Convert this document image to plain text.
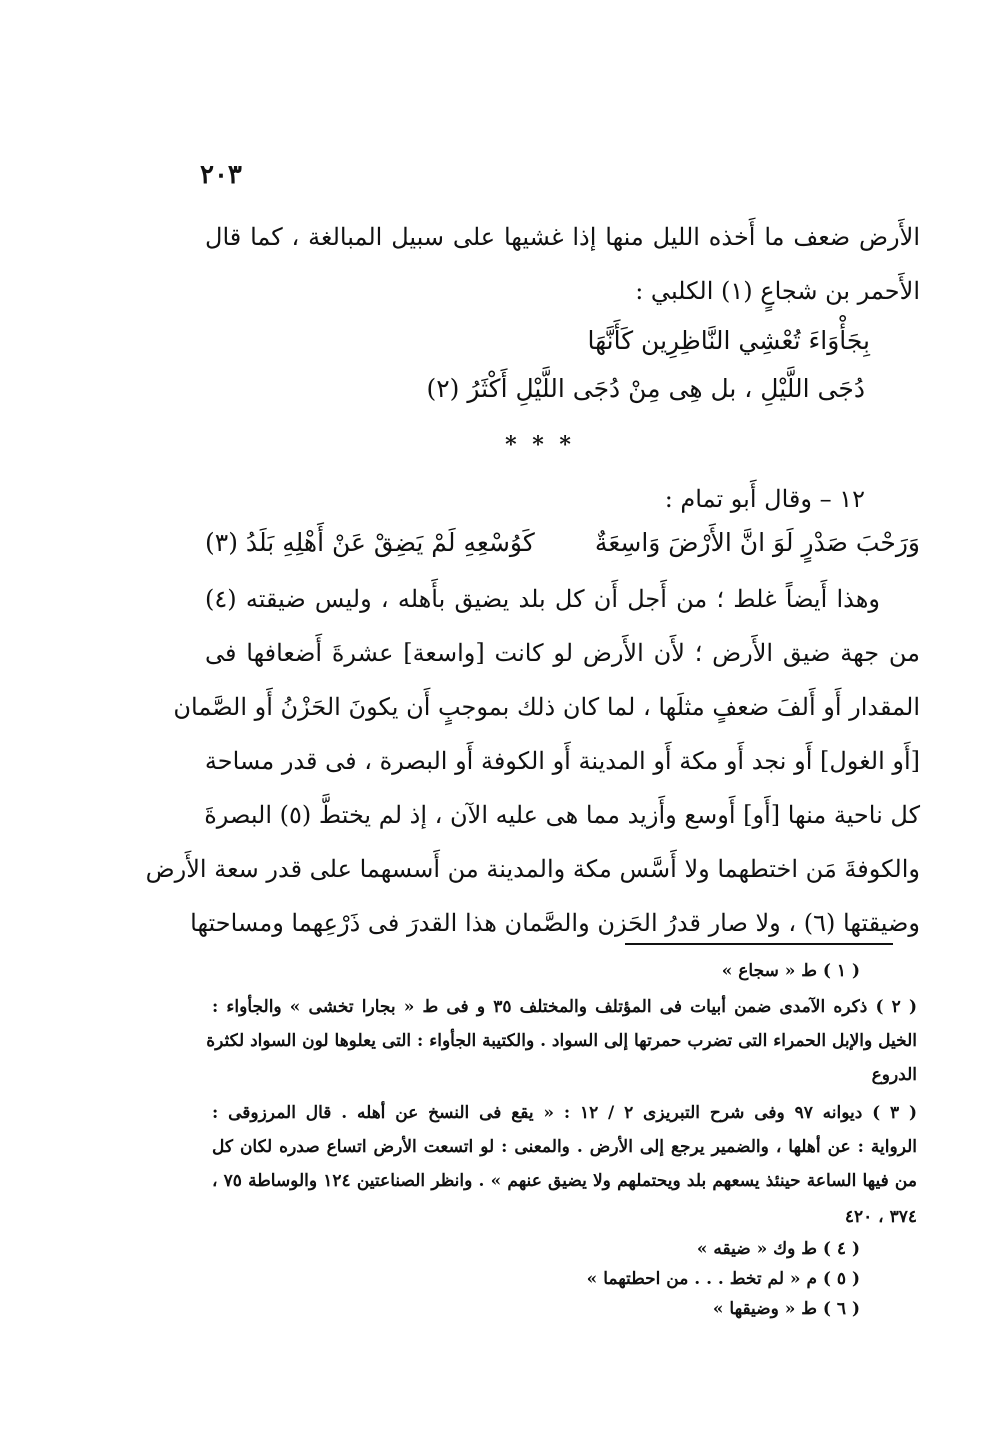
٢٠٣
الأَرض ضعف ما أَخذه الليل منها إذا غشيها على سبيل المبالغة ، كما قال
الأَحمر بن شجاعٍ (١) الكلبي :
بِجَأْوَاءَ تُعْشِي النَّاظِرِين كَأَنَّهَا
دُجَى اللَّيْلِ ، بل هِى مِنْ دُجَى اللَّيْلِ أَكْثَرُ (٢)
١٢ – وقال أَبو تمام :
وَرَحْبَ صَدْرٍ لَوَ انَّ الأَرْضَ وَاسِعَةٌ
كَوُسْعِهِ لَمْ يَضِقْ عَنْ أَهْلِهِ بَلَدُ (٣)
وهذا أَيضاً غلط ؛ من أَجل أَن كل بلد يضيق بأَهله ، وليس ضيقته (٤)
من جهة ضيق الأَرض ؛ لأَن الأَرض لو كانت [واسعة] عشرةَ أَضعافها فى
المقدار أَو أَلفَ ضعفٍ مثلَها ، لما كان ذلك بموجبٍ أَن يكونَ الحَزْنُ أَو الصَّمان
[أَو الغول] أَو نجد أَو مكة أَو المدينة أَو الكوفة أَو البصرة ، فى قدر مساحة
كل ناحية منها [أَو] أَوسع وأَزيد مما هى عليه الآن ، إذ لم يختطَّ (٥) البصرةَ
والكوفةَ مَن اختطهما ولا أَسَّس مكة والمدينة من أَسسهما على قدر سعة الأَرض
وضيقتها (٦) ، ولا صار قدرُ الحَزن والصَّمان هذا القدرَ فى ذَرْعِهما ومساحتها
* * *
( ١ ) ط « سجاع »
( ٢ ) ذكره الآمدى ضمن أبيات فى المؤتلف والمختلف ٣٥ و فى ط « بجارا تخشى » والجأواء :
الخيل والإبل الحمراء التى تضرب حمرتها إلى السواد . والكتيبة الجأواء : التى يعلوها لون السواد لكثرة
الدروع
( ٣ ) ديوانه ٩٧ وفى شرح التبريزى ٢ / ١٢ : « يقع فى النسخ عن أهله . قال المرزوقى :
الرواية : عن أهلها ، والضمير يرجع إلى الأرض . والمعنى : لو اتسعت الأرض اتساع صدره لكان كل
من فيها الساعة حينئذ يسعهم بلد ويحتملهم ولا يضيق عنهم » . وانظر الصناعتين ١٢٤ والوساطة ٧٥ ،
٣٧٤ ، ٤٢٠
( ٤ ) ط وك « ضيقه »
( ٥ ) م « لم تخط . . . من احطتهما »
( ٦ ) ط « وضيقها »
